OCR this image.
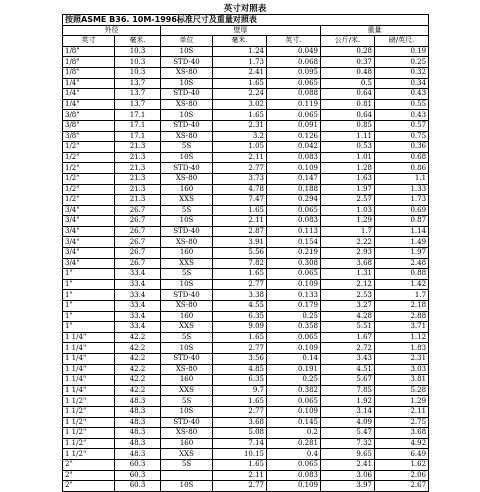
英寸对照表
按照ASME B36. 10M-1996标准尺寸及重量对照表						
外径		壁厚			重量	
英寸	毫米.	单位	毫米.	英寸.	公斤/米.	磅/英尺.
1/8"	10.3	10S	1.24	0.049	0.28	0.19
1/8"	10.3	STD-40	1.73	0.068	0.37	0.25
1/8"	10.3	XS-80	2.41	0.095	0.48	0.32
1/4"	13.7	10S	1.65	0.065	0.5	0.34
1/4"	13.7	STD-40	2.24	0.088	0.64	0.43
1/4"	13.7	XS-80	3.02	0.119	0.81	0.55
3/8"	17.1	10S	1.65	0.065	0.64	0.43
3/8"	17.1	STD-40	2.31	0.091	0.85	0.57
3/8"	17.1	XS-80	3.2	0.126	1.11	0.75
1/2"	21.3	5S	1.05	0.042	0.53	0.36
1/2"	21.3	10S	2.11	0.083	1.01	0.68
1/2"	21.3	STD-40	2.77	0.109	1.28	0.86
1/2"	21.3	XS-80	3.73	0.147	1.63	1.1
1/2"	21.3	160	4.78	0.188	1.97	1.33
1/2"	21.3	XXS	7.47	0.294	2.57	1.73
3/4"	26.7	5S	1.65	0.065	1.03	0.69
3/4"	26.7	10S	2.11	0.083	1.29	0.87
3/4"	26.7	STD-40	2.87	0.113	1.7	1.14
3/4"	26.7	XS-80	3.91	0.154	2.22	1.49
3/4"	26.7	160	5.56	0.219	2.93	1.97
3/4"	26.7	XXS	7.82	0.308	3.68	2.48
1"	33.4	5S	1.65	0.065	1.31	0.88
1"	33.4	10S	2.77	0.109	2.12	1.42
1"	33.4	STD-40	3.38	0.133	2.53	1.7
1"	33.4	XS-80	4.55	0.179	3.27	2.18
1"	33.4	160	6.35	0.25	4.28	2.88
1"	33.4	XXS	9.09	0.358	5.51	3.71
1 1/4"	42.2	5S	1.65	0.065	1.67	1.12
1 1/4"	42.2	10S	2.77	0.109	2.72	1.83
1 1/4"	42.2	STD-40	3.56	0.14	3.43	2.31
1 1/4"	42.2	XS-80	4.85	0.191	4.51	3.03
1 1/4"	42.2	160	6.35	0.25	5.67	3.81
1 1/4"	42.2	XXS	9.7	0.382	7.85	5.28
1 1/2"	48.3	5S	1.65	0.065	1.92	1.29
1 1/2"	48.3	10S	2.77	0.109	3.14	2.11
1 1/2"	48.3	STD-40	3.68	0.145	4.09	2.75
1 1/2"	48.3	XS-80	5.08	0.2	5.47	3.68
1 1/2"	48.3	160	7.14	0.281	7.32	4.92
1 1/2"	48.3	XXS	10.15	0.4	9.65	6.49
2"	60.3	5S	1.65	0.065	2.41	1.62
2"	60.3		2.11	0.083	3.06	2.06
2"	60.3	10S	2.77	0.109	3.97	2.67
